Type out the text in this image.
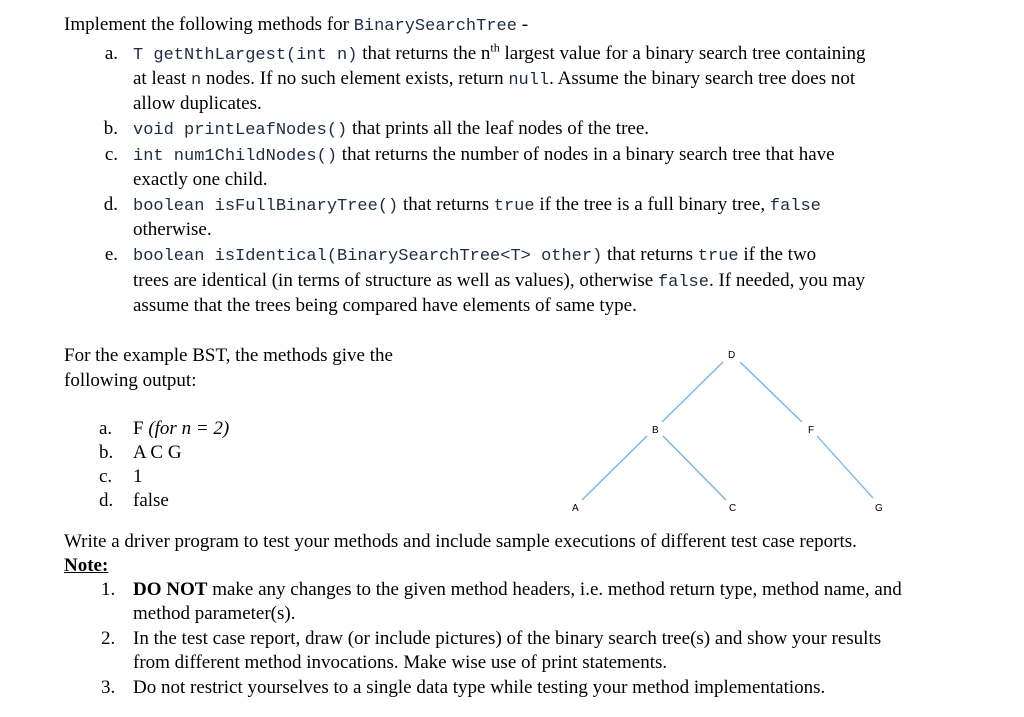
Implement the following methods for BinarySearchTree -
a. T getNthLargest(int n) that returns the $n^{th}$ largest value for a binary search tree containing
at least n nodes. If no such element exists, return null. Assume the binary search tree does not
allow duplicates.
b. void printLeafNodes() that prints all the leaf nodes of the tree.
c. int num1ChildNodes() that returns the number of nodes in a binary search tree that have
exactly one child.
d. boolean isFullBinaryTree() that returns true if the tree is a full binary tree, false
otherwise.
e. boolean isIdentical(BinarySearchTree<T> other) that returns true if the two
trees are identical (in terms of structure as well as values), otherwise false. If needed, you may
assume that the trees being compared have elements of same type.
For the example BST, the methods give the
following output:
a. F (for n = 2)
b. A C G
c. 1
d. false
D
B	F
A	C	G
Write a driver program to test your methods and include sample executions of different test case reports.
Note:
1. DO NOT make any changes to the given method headers, i.e. method return type, method name, and
method parameter(s).
2. In the test case report, draw (or include pictures) of the binary search tree(s) and show your results
from different method invocations. Make wise use of print statements.
3. Do not restrict yourselves to a single data type while testing your method implementations.
